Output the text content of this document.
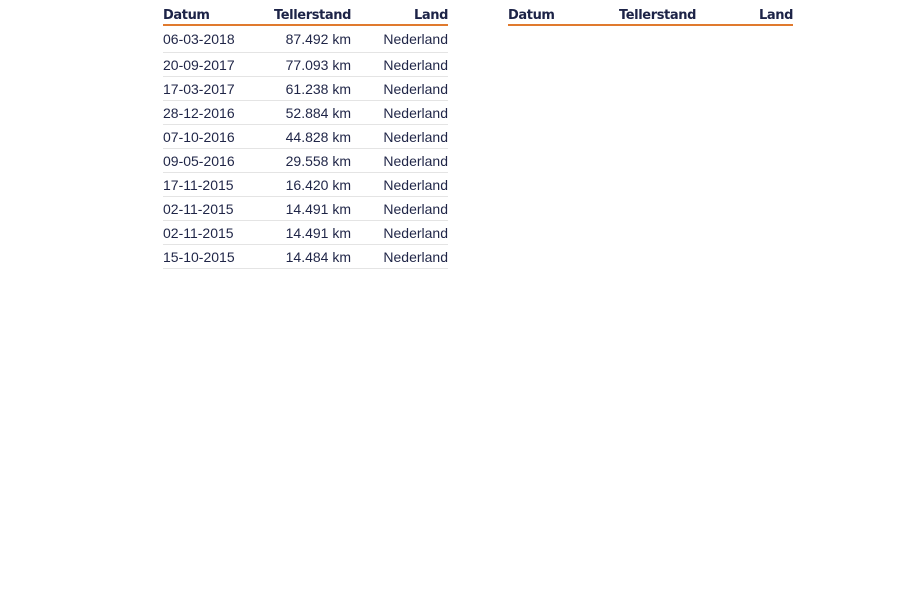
Datum	Tellerstand	Land
06-03-2018	87.492 km	Nederland
20-09-2017	77.093 km	Nederland
17-03-2017	61.238 km	Nederland
28-12-2016	52.884 km	Nederland
07-10-2016	44.828 km	Nederland
09-05-2016	29.558 km	Nederland
17-11-2015	16.420 km	Nederland
02-11-2015	14.491 km	Nederland
02-11-2015	14.491 km	Nederland
15-10-2015	14.484 km	Nederland
Datum	Tellerstand	Land
